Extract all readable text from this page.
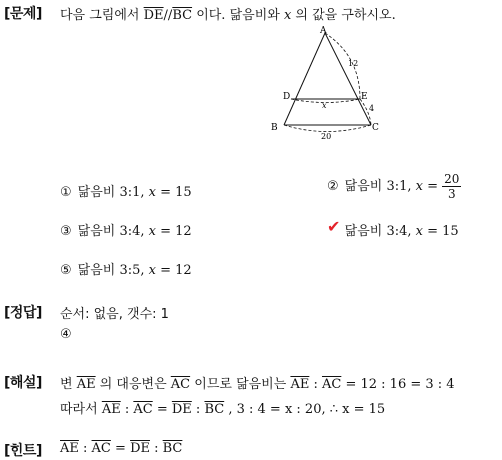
[문제] 다음 그림에서 $\overline{DE}//\overline{BC}$ 이다. 닮음비와 x 의 값을 구하시오.
A
D	E
B	C
12
4
x
20
① 닮음비 3:1, x = 15	② 닮음비 3:1, $x = \frac{20}{3}$
③ 닮음비 3:4, x = 12	✔ 닮음비 3:4, x = 15
⑤ 닮음비 3:5, x = 12
[정답] 순서: 없음, 갯수: 1
④
[해설] 변 $\overline{AE}$ 의 대응변은 $\overline{AC}$ 이므로 닮음비는 $\overline{AE}$ : $\overline{AC} = 12$ : 16 = 3 : 4
따라서 $\overline{AE}$ : $\overline{AC} = \overline{DE}$ : $\overline{BC}$ , 3 : 4 = x : 20, ∴ x = 15
[힌트] $\overline{AE}$ : $\overline{AC} = \overline{DE}$ : $\overline{BC}$
